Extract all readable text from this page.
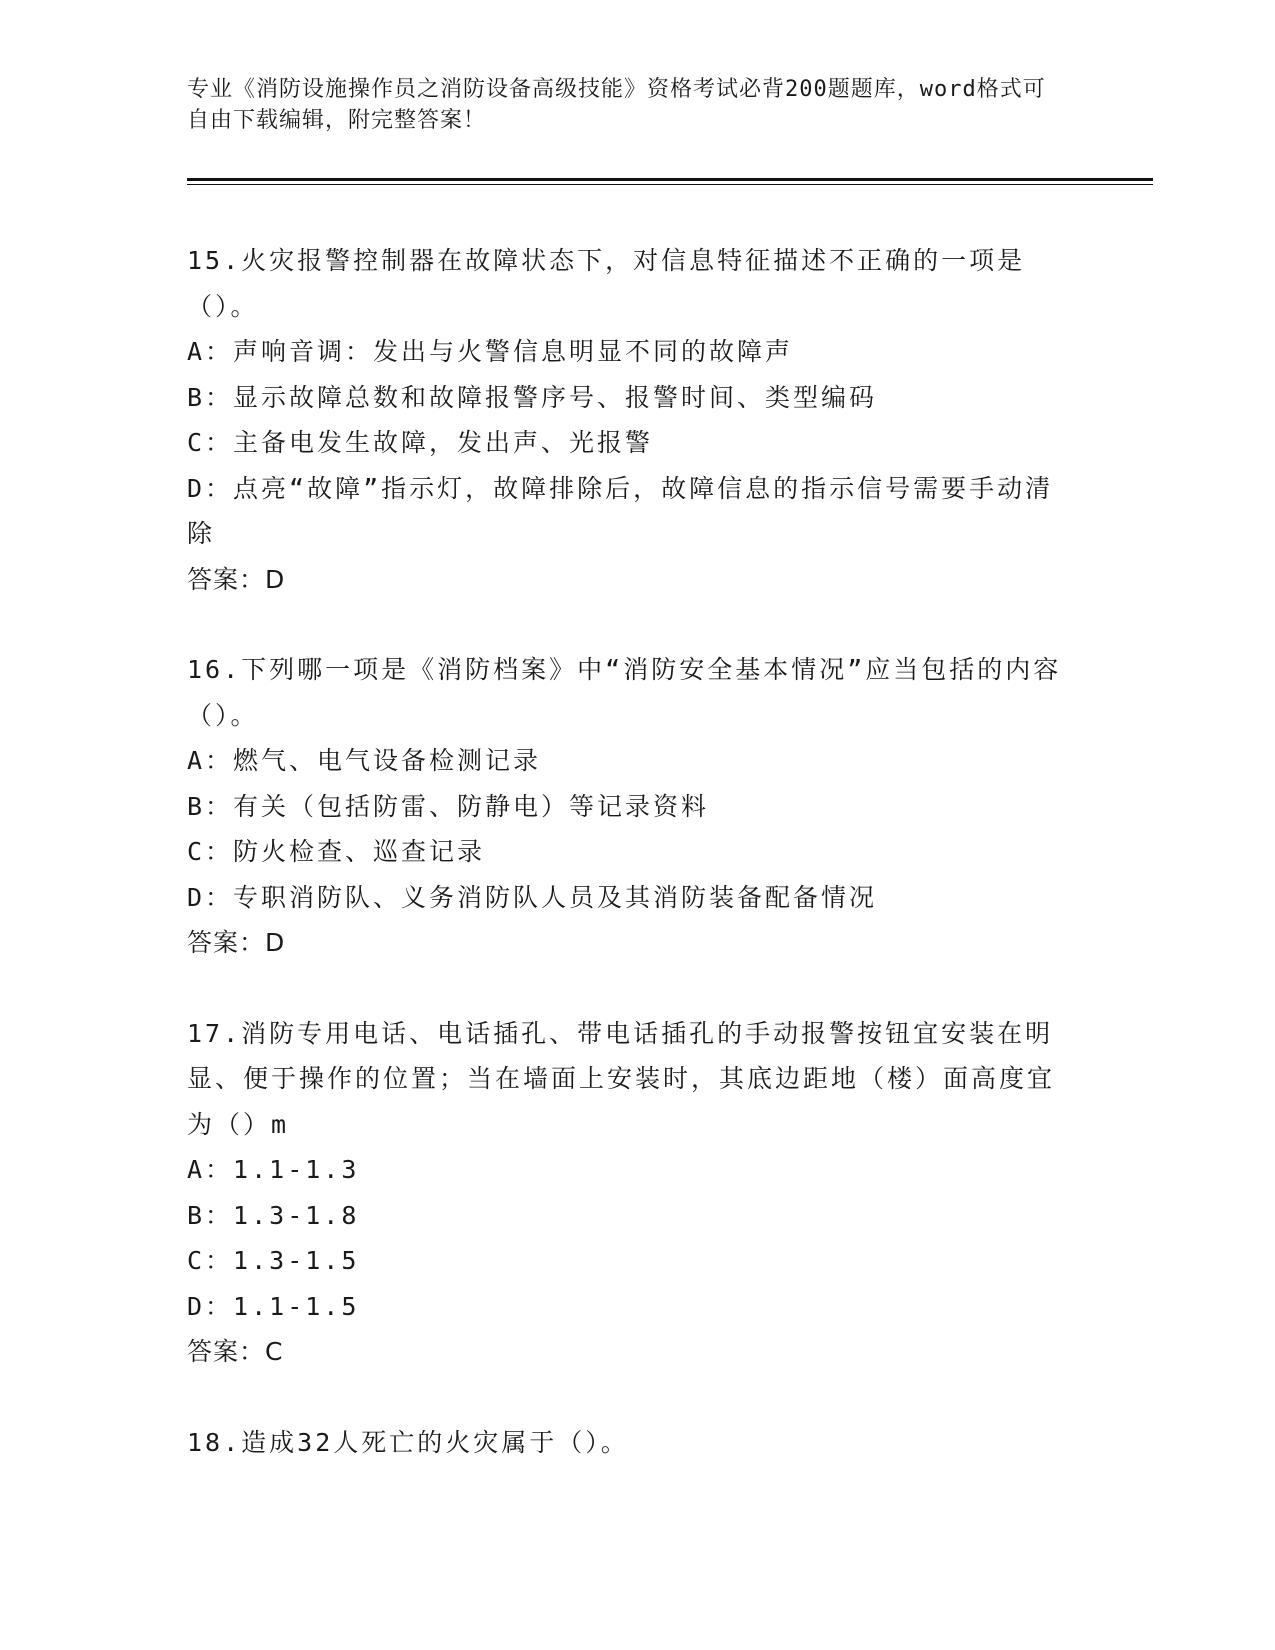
专业《消防设施操作员之消防设备高级技能》资格考试必背200题题库，word格式可自由下载编辑，附完整答案！
15.火灾报警控制器在故障状态下，对信息特征描述不正确的一项是（）。
A：声响音调：发出与火警信息明显不同的故障声
B：显示故障总数和故障报警序号、报警时间、类型编码
C：主备电发生故障，发出声、光报警
D：点亮“故障”指示灯，故障排除后，故障信息的指示信号需要手动清除
答案：D
16.下列哪一项是《消防档案》中“消防安全基本情况”应当包括的内容（）。
A：燃气、电气设备检测记录
B：有关（包括防雷、防静电）等记录资料
C：防火检查、巡查记录
D：专职消防队、义务消防队人员及其消防装备配备情况
答案：D
17.消防专用电话、电话插孔、带电话插孔的手动报警按钮宜安装在明显、便于操作的位置；当在墙面上安装时，其底边距地（楼）面高度宜为（）m
A：1.1-1.3
B：1.3-1.8
C：1.3-1.5
D：1.1-1.5
答案：C
18.造成32人死亡的火灾属于（）。
